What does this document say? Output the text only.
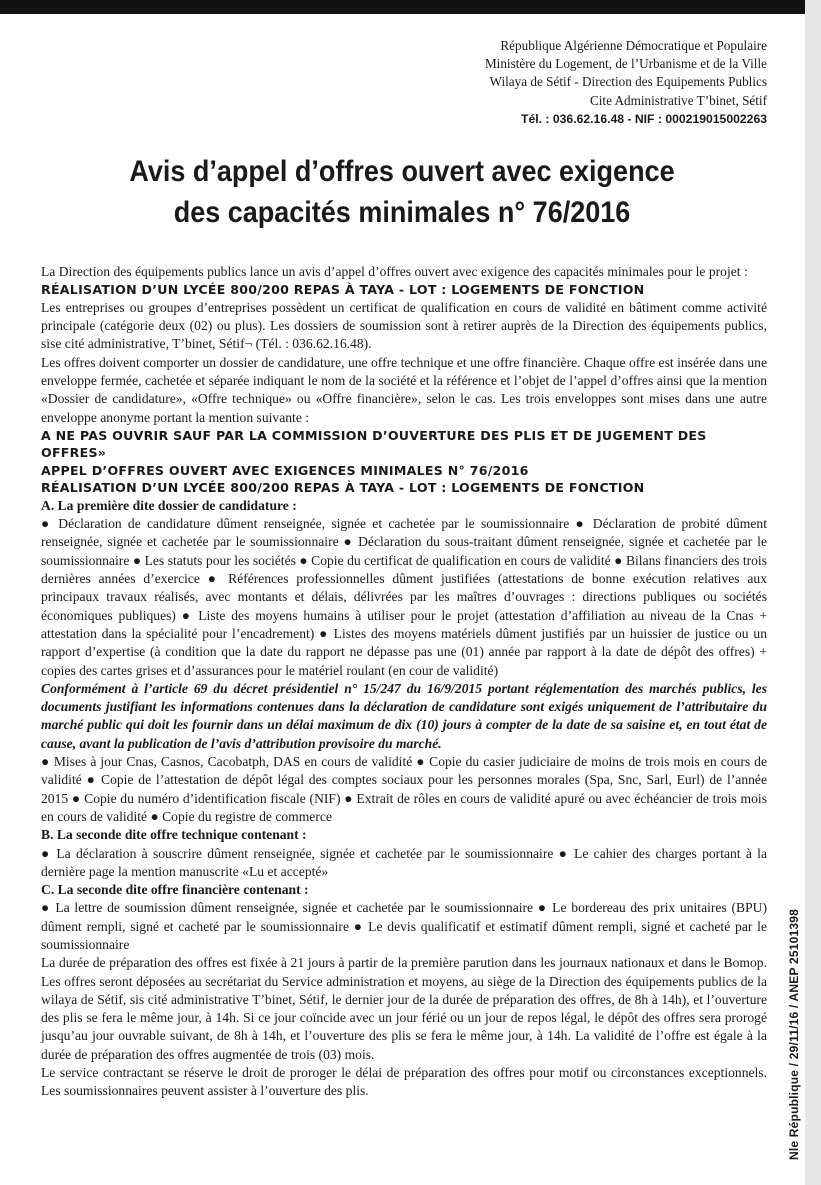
Nle République / 29/11/16 / ANEP 25101398
République Algérienne Démocratique et Populaire
Ministère du Logement, de l’Urbanisme et de la Ville
Wilaya de Sétif - Direction des Equipements Publics
Cite Administrative T’binet, Sétif
Tél. : 036.62.16.48 - NIF : 000219015002263
Avis d’appel d’offres ouvert avec exigence
des capacités minimales n° 76/2016

La Direction des équipements publics lance un avis d’appel d’offres ouvert avec exigence des capacités minimales pour le projet :

RÉALISATION D’UN LYCÉE 800/200 REPAS À TAYA - LOT : LOGEMENTS DE FONCTION

Les entreprises ou groupes d’entreprises possèdent un certificat de qualification en cours de validité en bâtiment comme activité principale (catégorie deux (02) ou plus). Les dossiers de soumission sont à retirer auprès de la Direction des équipements publics, sise cité administrative, T’binet, Sétif¬ (Tél. : 036.62.16.48).

Les offres doivent comporter un dossier de candidature, une offre technique et une offre financière. Chaque offre est insérée dans une enveloppe fermée, cachetée et séparée indiquant le nom de la société et la référence et l’objet de l’appel d’offres ainsi que la mention «Dossier de candidature», «Offre technique» ou «Offre financière», selon le cas. Les trois enveloppes sont mises dans une autre enveloppe anonyme portant la mention suivante :

A NE PAS OUVRIR SAUF PAR LA COMMISSION D’OUVERTURE DES PLIS ET DE JUGEMENT DES OFFRES»

APPEL D’OFFRES OUVERT AVEC EXIGENCES MINIMALES N° 76/2016

RÉALISATION D’UN LYCÉE 800/200 REPAS À TAYA - LOT : LOGEMENTS DE FONCTION

A. La première dite dossier de candidature :

● Déclaration de candidature dûment renseignée, signée et cachetée par le soumissionnaire ● Déclaration de probité dûment renseignée, signée et cachetée par le soumissionnaire ● Déclaration du sous-traitant dûment renseignée, signée et cachetée par le soumissionnaire ● Les statuts pour les sociétés ● Copie du certificat de qualification en cours de validité ● Bilans financiers des trois dernières années d’exercice ● Références professionnelles dûment justifiées (attestations de bonne exécution relatives aux principaux travaux réalisés, avec montants et délais, délivrées par les maîtres d’ouvrages : directions publiques ou sociétés économiques publiques) ● Liste des moyens humains à utiliser pour le projet (attestation d’affiliation au niveau de la Cnas + attestation dans la spécialité pour l’encadrement) ● Listes des moyens matériels dûment justifiés par un huissier de justice ou un rapport d’expertise (à condition que la date du rapport ne dépasse pas une (01) année par rapport à la date de dépôt des offres) + copies des cartes grises et d’assurances pour le matériel roulant (en cour de validité)

Conformément à l’article 69 du décret présidentiel n° 15/247 du 16/9/2015 portant réglementation des marchés publics, les documents justifiant les informations contenues dans la déclaration de candidature sont exigés uniquement de l’attributaire du marché public qui doit les fournir dans un délai maximum de dix (10) jours à compter de la date de sa saisine et, en tout état de cause, avant la publication de l’avis d’attribution provisoire du marché.

● Mises à jour Cnas, Casnos, Cacobatph, DAS en cours de validité ● Copie du casier judiciaire de moins de trois mois en cours de validité ● Copie de l’attestation de dépôt légal des comptes sociaux pour les personnes morales (Spa, Snc, Sarl, Eurl) de l’année 2015 ● Copie du numéro d’identification fiscale (NIF) ● Extrait de rôles en cours de validité apuré ou avec échéancier de trois mois en cours de validité ● Copie du registre de commerce

B. La seconde dite offre technique contenant :

● La déclaration à souscrire dûment renseignée, signée et cachetée par le soumissionnaire ● Le cahier des charges portant à la dernière page la mention manuscrite «Lu et accepté»

C. La seconde dite offre financière contenant :

● La lettre de soumission dûment renseignée, signée et cachetée par le soumissionnaire ● Le bordereau des prix unitaires (BPU) dûment rempli, signé et cacheté par le soumissionnaire ● Le devis qualificatif et estimatif dûment rempli, signé et cacheté par le soumissionnaire

La durée de préparation des offres est fixée à 21 jours à partir de la première parution dans les journaux nationaux et dans le Bomop. Les offres seront déposées au secrétariat du Service administration et moyens, au siège de la Direction des équipements publics de la wilaya de Sétif, sis cité administrative T’binet, Sétif, le dernier jour de la durée de préparation des offres, de 8h à 14h), et l’ouverture des plis se fera le même jour, à 14h. Si ce jour coïncide avec un jour férié ou un jour de repos légal, le dépôt des offres sera prorogé jusqu’au jour ouvrable suivant, de 8h à 14h, et l’ouverture des plis se fera le même jour, à 14h. La validité de l’offre est égale à la durée de préparation des offres augmentée de trois (03) mois.

Le service contractant se réserve le droit de proroger le délai de préparation des offres pour motif ou circonstances exceptionnels. Les soumissionnaires peuvent assister à l’ouverture des plis.
